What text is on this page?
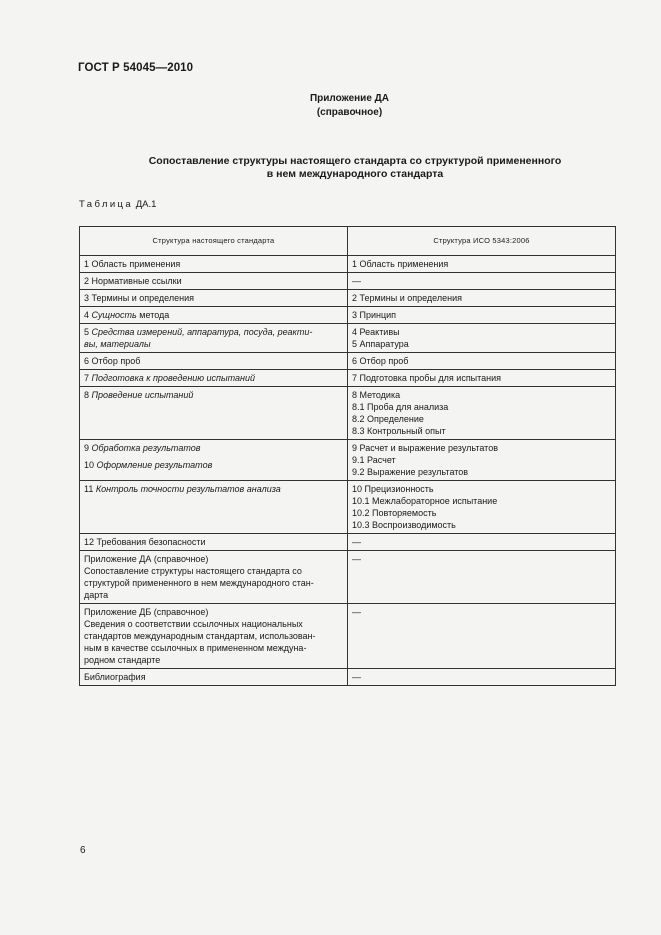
ГОСТ Р 54045—2010
Приложение ДА
(справочное)
Сопоставление структуры настоящего стандарта со структурой примененного
в нем международного стандарта
Таблица ДА.1
Структура настоящего стандарта	Структура ИСО 5343:2006
1 Область применения	1 Область применения
2 Нормативные ссылки	—
3 Термины и определения	2 Термины и определения
4 Сущность метода	3 Принцип

5 Средства измерений, аппаратура, посуда, реакти-
вы, материалы	4 Реактивы
5 Аппаратура

6 Отбор проб	6 Отбор проб
7 Подготовка к проведению испытаний	7 Подготовка пробы для испытания
8 Проведение испытаний	8 Методика
8.1 Проба для анализа
8.2 Определение
8.3 Контрольный опыт

9 Обработка результатов
10 Оформление результатов	9 Расчет и выражение результатов
9.1 Расчет
9.2 Выражение результатов

11 Контроль точности результатов анализа	10 Прецизионность
10.1 Межлабораторное испытание
10.2 Повторяемость
10.3 Воспроизводимость

12 Требования безопасности	—

Приложение ДА (справочное)
Сопоставление структуры настоящего стандарта со
структурой примененного в нем международного стан-
дарта	—

Приложение ДБ (справочное)
Сведения о соответствии ссылочных национальных
стандартов международным стандартам, использован-
ным в качестве ссылочных в примененном междуна-
родном стандарте	—
Библиография	—
6
